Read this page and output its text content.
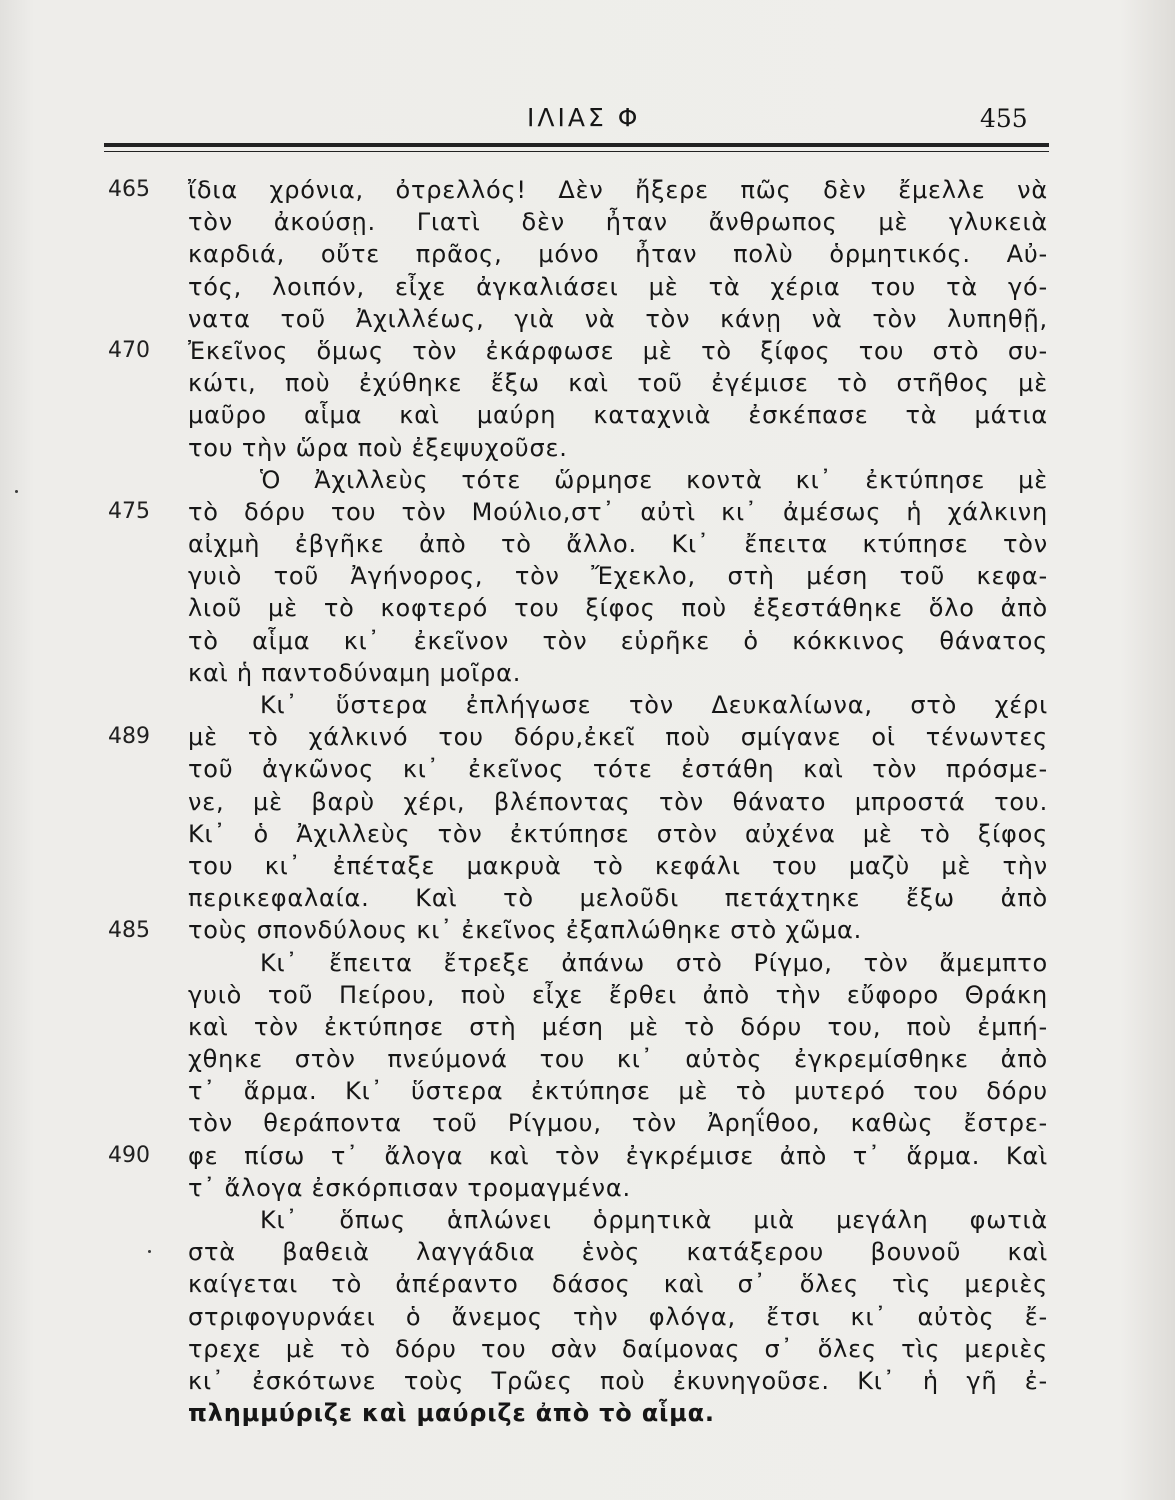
ΙΛΙΑΣ Φ	455
ἴδια χρόνια, ὀτρελλός! Δὲν ἤξερε πῶς δὲν ἔμελλε νὰ
τὸν ἀκούσῃ. Γιατὶ δὲν ἦταν ἄνθρωπος μὲ γλυκειὰ
καρδιά, οὔτε πρᾶος, μόνο ἦταν πολὺ ὁρμητικός. Αὐ-
τός, λοιπόν, εἶχε ἀγκαλιάσει μὲ τὰ χέρια του τὰ γό-
νατα τοῦ Ἀχιλλέως, γιὰ νὰ τὸν κάνῃ νὰ τὸν λυπηθῇ,
Ἐκεῖνος ὅμως τὸν ἐκάρφωσε μὲ τὸ ξίφος του στὸ συ-
κώτι, ποὺ ἐχύθηκε ἔξω καὶ τοῦ ἐγέμισε τὸ στῆθος μὲ
μαῦρο αἷμα καὶ μαύρη καταχνιὰ ἐσκέπασε τὰ μάτια
του τὴν ὥρα ποὺ ἐξεψυχοῦσε.
Ὁ Ἀχιλλεὺς τότε ὥρμησε κοντὰ κι᾽ ἐκτύπησε μὲ
τὸ δόρυ του τὸν Μούλιο,στ᾽ αὐτὶ κι᾽ ἀμέσως ἡ χάλκινη
αἰχμὴ ἐβγῆκε ἀπὸ τὸ ἄλλο. Κι᾽ ἔπειτα κτύπησε τὸν
γυιὸ τοῦ Ἀγήνορος, τὸν Ἔχεκλο, στὴ μέση τοῦ κεφα-
λιοῦ μὲ τὸ κοφτερό του ξίφος ποὺ ἐξεστάθηκε ὅλο ἀπὸ
τὸ αἷμα κι᾽ ἐκεῖνον τὸν εὑρῆκε ὁ κόκκινος θάνατος
καὶ ἡ παντοδύναμη μοῖρα.
Κι᾽ ὕστερα ἐπλήγωσε τὸν Δευκαλίωνα, στὸ χέρι
μὲ τὸ χάλκινό του δόρυ,ἐκεῖ ποὺ σμίγανε οἱ τένωντες
τοῦ ἀγκῶνος κι᾽ ἐκεῖνος τότε ἐστάθη καὶ τὸν πρόσμε-
νε, μὲ βαρὺ χέρι, βλέποντας τὸν θάνατο μπροστά του.
Κι᾽ ὁ Ἀχιλλεὺς τὸν ἐκτύπησε στὸν αὐχένα μὲ τὸ ξίφος
του κι᾽ ἐπέταξε μακρυὰ τὸ κεφάλι του μαζὺ μὲ τὴν
περικεφαλαία. Καὶ τὸ μελοῦδι πετάχτηκε ἔξω ἀπὸ
τοὺς σπονδύλους κι᾽ ἐκεῖνος ἐξαπλώθηκε στὸ χῶμα.
Κι᾽ ἔπειτα ἔτρεξε ἀπάνω στὸ Ρίγμο, τὸν ἄμεμπτο
γυιὸ τοῦ Πείρου, ποὺ εἶχε ἔρθει ἀπὸ τὴν εὔφορο Θράκη
καὶ τὸν ἐκτύπησε στὴ μέση μὲ τὸ δόρυ του, ποὺ ἐμπή-
χθηκε στὸν πνεύμονά του κι᾽ αὐτὸς ἐγκρεμίσθηκε ἀπὸ
τ᾽ ἅρμα. Κι᾽ ὕστερα ἐκτύπησε μὲ τὸ μυτερό του δόρυ
τὸν θεράποντα τοῦ Ρίγμου, τὸν Ἀρηΐθοο, καθὼς ἔστρε-
φε πίσω τ᾽ ἄλογα καὶ τὸν ἐγκρέμισε ἀπὸ τ᾽ ἅρμα. Καὶ
τ᾽ ἄλογα ἐσκόρπισαν τρομαγμένα.
Κι᾽ ὅπως ἁπλώνει ὁρμητικὰ μιὰ μεγάλη φωτιὰ
στὰ βαθειὰ λαγγάδια ἑνὸς κατάξερου βουνοῦ καὶ
καίγεται τὸ ἀπέραντο δάσος καὶ σ᾽ ὅλες τὶς μεριὲς
στριφογυρνάει ὁ ἄνεμος τὴν φλόγα, ἔτσι κι᾽ αὐτὸς ἔ-
τρεχε μὲ τὸ δόρυ του σὰν δαίμονας σ᾽ ὅλες τὶς μεριὲς
κι᾽ ἐσκότωνε τοὺς Τρῶες ποὺ ἐκυνηγοῦσε. Κι᾽ ἡ γῆ ἐ-
πλημμύριζε καὶ μαύριζε ἀπὸ τὸ αἷμα.
465
470
475
489
485
490
